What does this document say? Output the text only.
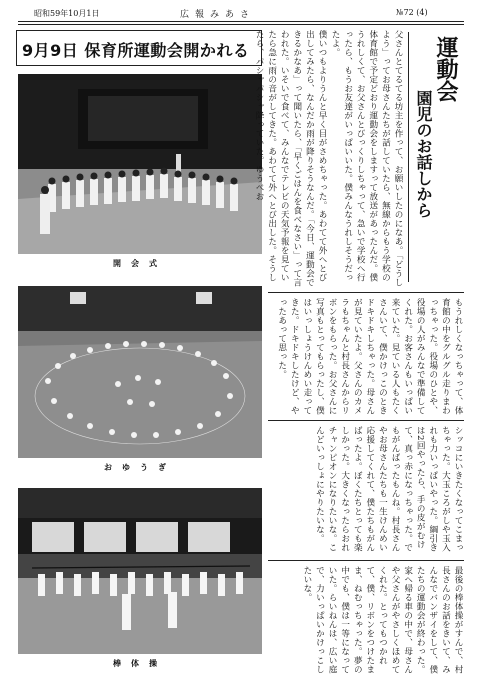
昭和59年10月1日	広報みあさ	№72 (4)
9月9日 保育所運動会開かれる
開会式
おゆうぎ
棒体操
僕いつもよりうんと早く目がさめちゃった。あわてて外へとび出してみたら、なんだか雨が降りそうなんだ。「今日、運動会できるかなあ」って聞いたら、「早くごはんを食べなさい」って言われた。いそいで食べて、みんなでテレビの天気予報を見ていたら急に雨の音がしてきた。あわてて外へとび出した。そうしたら、パシャパシャ降っていた。ゆうべお	父さんとてるてる坊主を作って、お願いしたのになあ。「どうしよう」ってお母さんたちが話していたら、無線からもう学校の体育館で予定どおり運動会をしますって放送があったんだ。僕うれしくて、お父さんとびっくりしちゃって、急いで学校へ行ったら、もうお友達がいっぱいいた。僕みんなうれしそうだったよ。	運動会
園児のお話しから
もうれしくなっちゃって、体育館の中をグルグル走りまわっちゃった。役場のひとや、役場の人がみんなで準備してくれた。お客さんもいっぱい来ていた。見ている人もたくさんいて、僕かけっこのときドキドキしちゃった。母さんが見ていたよ。父さんのカメラもちゃんと村長さんからリボンをもらった。お父さんに写真もとってもらったし、僕はいっしょうけんめい走ってきた。ドキドキしたけど、やったあって思った。
シッコにいきたくなってこまっちゃった。大玉ころがしや玉入れも力いっぱいやった。綱引きは2回やったら、手の皮がむけて、真っ赤になっちゃった。でもがんばったもんね。村長さんやお母さんたちも一生けんめい応援してくれて、僕たちもがんばったよ。ぼくたちとっても楽しかった。大きくなったらおれチャンピオンになりたいな。こんどいっしょにやりたいな。
最後の棒体操がすんで、村長さんのお話をきいて、みんなでバンザイをして、僕たちの運動会が終わった。家へ帰る車の中で、母さんや父さんがやさしくほめてくれた。とってもつかれて、僕、リボンをつけたまま、ねむっちゃった。夢の中でも、僕は一等になっていた。らいねんは、広い庭で、力いっぱいかけっこしたいな。
